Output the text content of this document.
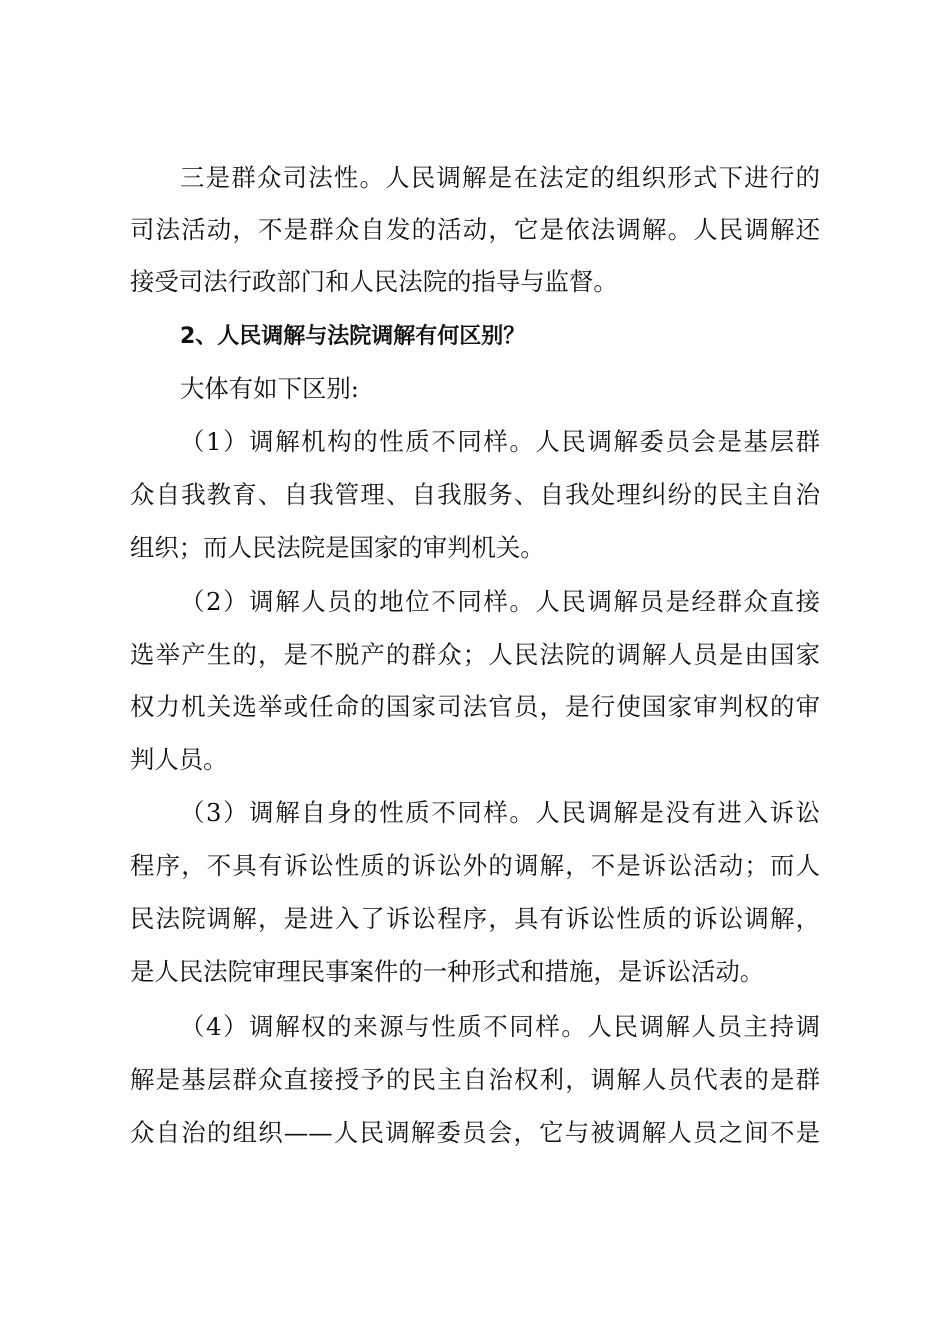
三是群众司法性。人民调解是在法定的组织形式下进行的
司法活动，不是群众自发的活动，它是依法调解。人民调解还
接受司法行政部门和人民法院的指导与监督。
2、人民调解与法院调解有何区别？
大体有如下区别:
（1）调解机构的性质不同样。人民调解委员会是基层群
众自我教育、自我管理、自我服务、自我处理纠纷的民主自治
组织；而人民法院是国家的审判机关。
（2）调解人员的地位不同样。人民调解员是经群众直接
选举产生的，是不脱产的群众；人民法院的调解人员是由国家
权力机关选举或任命的国家司法官员，是行使国家审判权的审
判人员。
（3）调解自身的性质不同样。人民调解是没有进入诉讼
程序，不具有诉讼性质的诉讼外的调解，不是诉讼活动；而人
民法院调解，是进入了诉讼程序，具有诉讼性质的诉讼调解，
是人民法院审理民事案件的一种形式和措施，是诉讼活动。
（4）调解权的来源与性质不同样。人民调解人员主持调
解是基层群众直接授予的民主自治权利，调解人员代表的是群
众自治的组织——人民调解委员会，它与被调解人员之间不是
